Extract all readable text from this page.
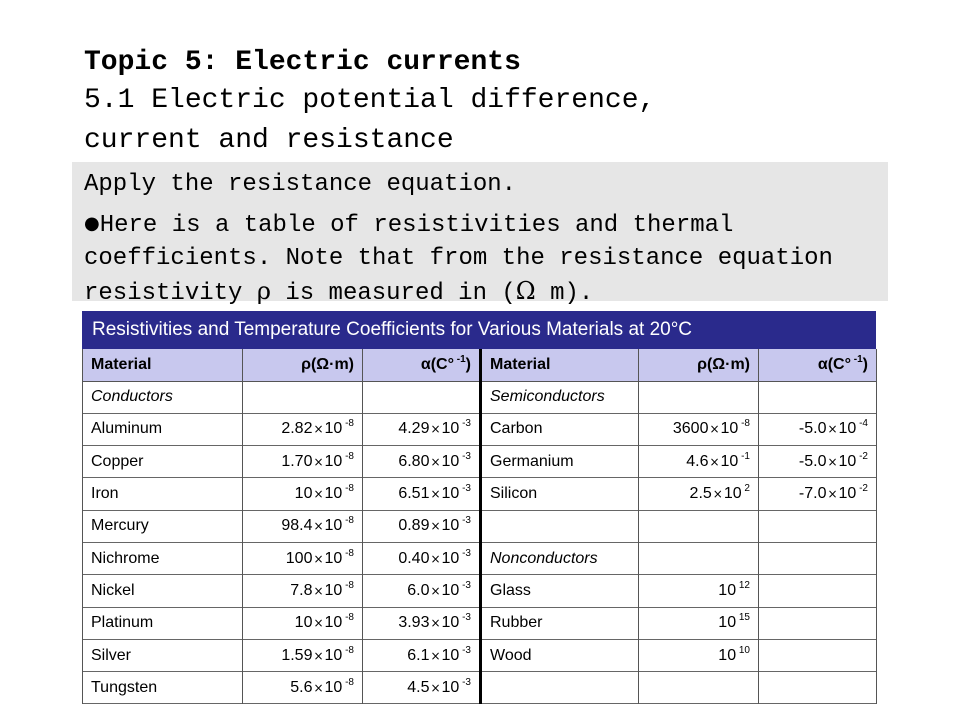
Topic 5: Electric currents

5.1 Electric potential difference,

current and resistance

Apply the resistance equation.
●Here is a table of resistivities and thermal coefficients. Note that from the resistance equation resistivity ρ is measured in (Ω m).
Resistivities and Temperature Coefficients for Various Materials at 20°C
Material	ρ(Ω·m)	α(C° $^{-1}$)	Material	ρ(Ω·m)	α(C° $^{-1}$)
Conductors			Semiconductors		
Aluminum	2.82×10 $^{-8}$	4.29×10 $^{-3}$	Carbon	3600×10 $^{-8}$	-5.0×10 $^{-4}$
Copper	1.70×10 $^{-8}$	6.80×10 $^{-3}$	Germanium	4.6×10 $^{-1}$	-5.0×10 $^{-2}$
Iron	10×10 $^{-8}$	6.51×10 $^{-3}$	Silicon	2.5×10 $^2$	-7.0×10 $^{-2}$
Mercury	98.4×10 $^{-8}$	0.89×10 $^{-3}$			
Nichrome	100×10 $^{-8}$	0.40×10 $^{-3}$	Nonconductors		
Nickel	7.8×10 $^{-8}$	6.0×10 $^{-3}$	Glass	10 $^{12}$	
Platinum	10×10 $^{-8}$	3.93×10 $^{-3}$	Rubber	10 $^{15}$	
Silver	1.59×10 $^{-8}$	6.1×10 $^{-3}$	Wood	10 $^{10}$	
Tungsten	5.6×10 $^{-8}$	4.5×10 $^{-3}$			
